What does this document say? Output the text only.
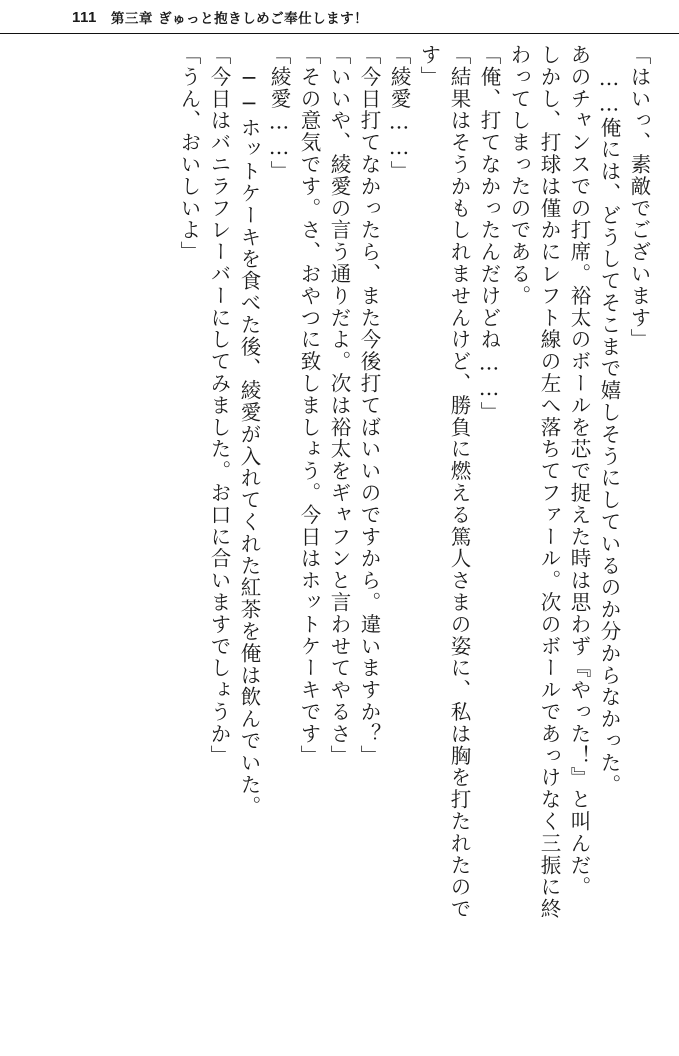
111 第三章 ぎゅっと抱きしめご奉仕します！
「はいっ、素敵でございます」
……俺には、どうしてそこまで嬉しそうにしているのか分からなかった。
あのチャンスでの打席。裕太のボールを芯で捉えた時は思わず『やった！』と叫んだ。
しかし、打球は僅かにレフト線の左へ落ちてファール。次のボールであっけなく三振に終
わってしまったのである。
「俺、打てなかったんだけどね……」
「結果はそうかもしれませんけど、勝負に燃える篤人さまの姿に、私は胸を打たれたので
す」
「綾愛……」
「今日打てなかったら、また今後打てばいいのですから。違いますか？」
「いいや、綾愛の言う通りだよ。次は裕太をギャフンと言わせてやるさ」
「その意気です。さ、おやつに致しましょう。今日はホットケーキです」
「綾愛……」
──ホットケーキを食べた後、綾愛が入れてくれた紅茶を俺は飲んでいた。
「今日はバニラフレーバーにしてみました。お口に合いますでしょうか」
「うん、おいしいよ」
